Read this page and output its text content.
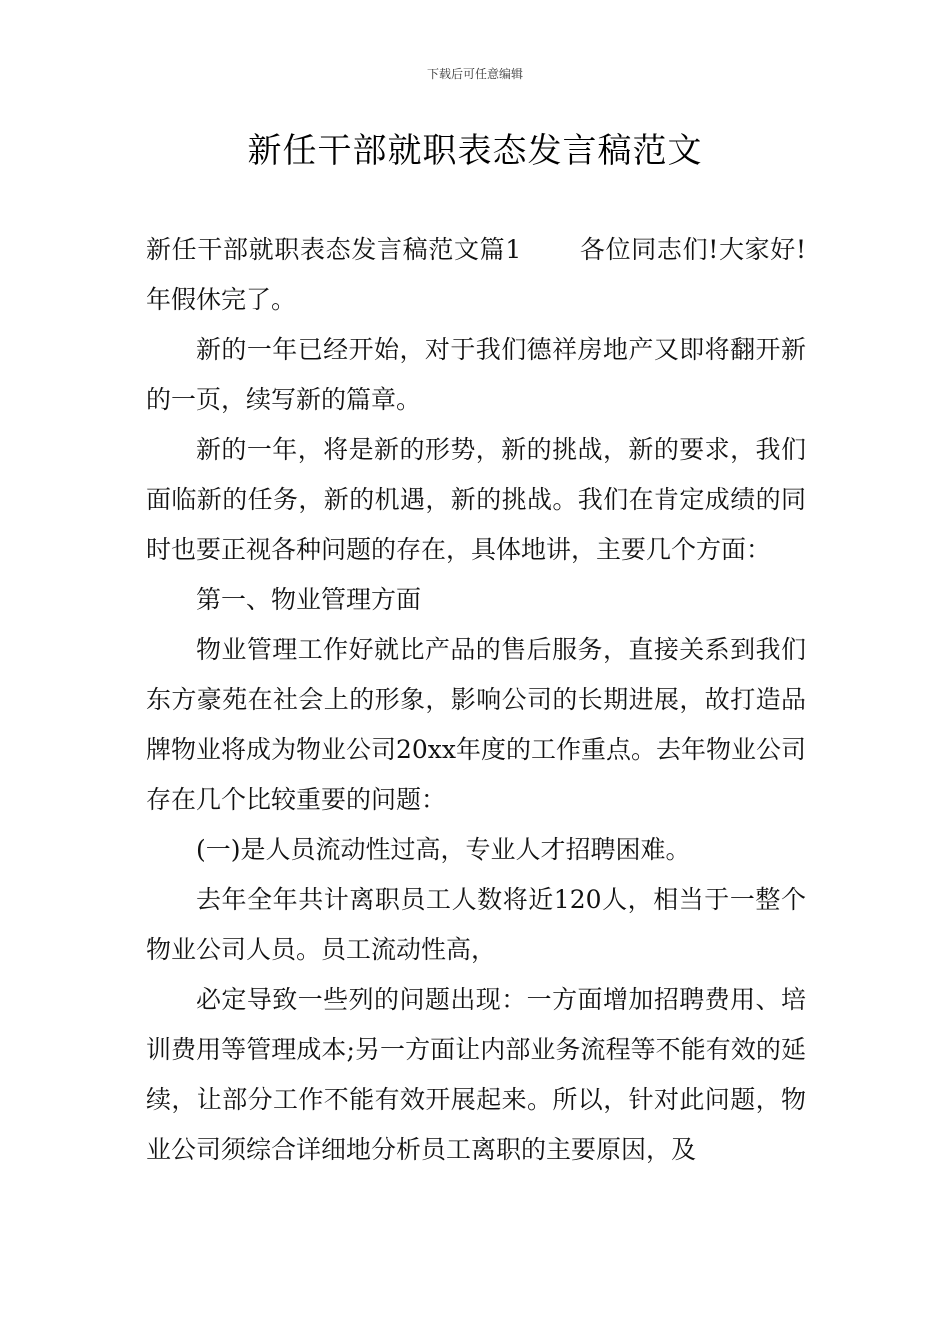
下载后可任意编辑
新任干部就职表态发言稿范文

新任干部就职表态发言稿范文篇1 各位同志们!大家好!年假休完了。

新的一年已经开始，对于我们德祥房地产又即将翻开新的一页，续写新的篇章。

新的一年，将是新的形势，新的挑战，新的要求，我们面临新的任务，新的机遇，新的挑战。我们在肯定成绩的同时也要正视各种问题的存在，具体地讲，主要几个方面：

第一、物业管理方面

物业管理工作好就比产品的售后服务，直接关系到我们东方豪苑在社会上的形象，影响公司的长期进展，故打造品牌物业将成为物业公司20xx年度的工作重点。去年物业公司存在几个比较重要的问题：

(一)是人员流动性过高，专业人才招聘困难。

去年全年共计离职员工人数将近120人，相当于一整个物业公司人员。员工流动性高，

必定导致一些列的问题出现：一方面增加招聘费用、培训费用等管理成本;另一方面让内部业务流程等不能有效的延续，让部分工作不能有效开展起来。所以，针对此问题，物业公司须综合详细地分析员工离职的主要原因，及
